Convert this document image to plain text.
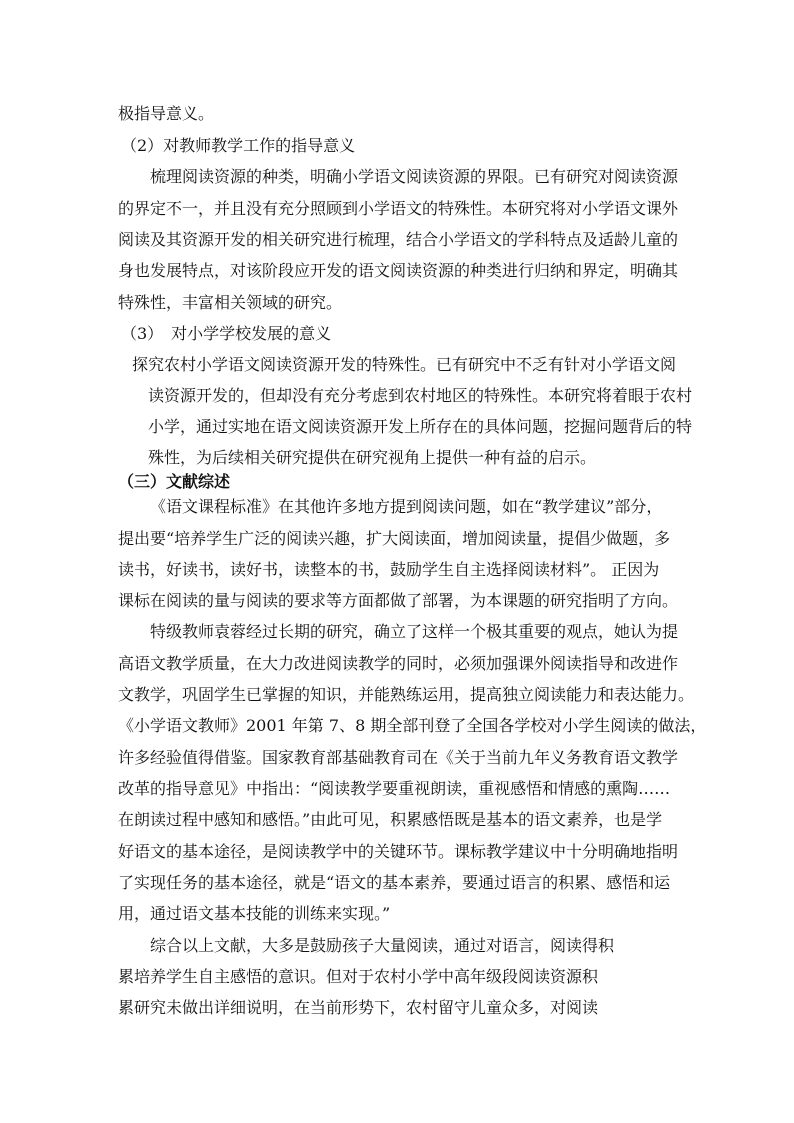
极指导意义。
（2）对教师教学工作的指导意义
梳理阅读资源的种类，明确小学语文阅读资源的界限。已有研究对阅读资源
的界定不一，并且没有充分照顾到小学语文的特殊性。本研究将对小学语文课外
阅读及其资源开发的相关研究进行梳理，结合小学语文的学科特点及适龄儿童的
身也发展特点，对该阶段应开发的语文阅读资源的种类进行归纳和界定，明确其
特殊性，丰富相关领域的研究。
（3）　对小学学校发展的意义
探究农村小学语文阅读资源开发的特殊性。已有研究中不乏有针对小学语文阅
读资源开发的，但却没有充分考虑到农村地区的特殊性。本研究将着眼于农村
小学，通过实地在语文阅读资源开发上所存在的具体问题，挖掘问题背后的特
殊性，为后续相关研究提供在研究视角上提供一种有益的启示。
（三）文献综述
《语文课程标准》在其他许多地方提到阅读问题，如在“教学建议”部分，
提出要“培养学生广泛的阅读兴趣，扩大阅读面，增加阅读量，提倡少做题，多
读书，好读书，读好书，读整本的书，鼓励学生自主选择阅读材料”。 正因为
课标在阅读的量与阅读的要求等方面都做了部署，为本课题的研究指明了方向。
特级教师袁蓉经过长期的研究，确立了这样一个极其重要的观点，她认为提
高语文教学质量，在大力改进阅读教学的同时，必须加强课外阅读指导和改进作
文教学，巩固学生已掌握的知识，并能熟练运用，提高独立阅读能力和表达能力。
《小学语文教师》2001 年第 7、8 期全部刊登了全国各学校对小学生阅读的做法，
许多经验值得借鉴。国家教育部基础教育司在《关于当前九年义务教育语文教学
改革的指导意见》中指出：“阅读教学要重视朗读，重视感悟和情感的熏陶……
在朗读过程中感知和感悟。”由此可见，积累感悟既是基本的语文素养，也是学
好语文的基本途径，是阅读教学中的关键环节。课标教学建议中十分明确地指明
了实现任务的基本途径，就是“语文的基本素养，要通过语言的积累、感悟和运
用，通过语文基本技能的训练来实现。”
综合以上文献，大多是鼓励孩子大量阅读，通过对语言，阅读得积
累培养学生自主感悟的意识。但对于农村小学中高年级段阅读资源积
累研究未做出详细说明，在当前形势下，农村留守儿童众多，对阅读
